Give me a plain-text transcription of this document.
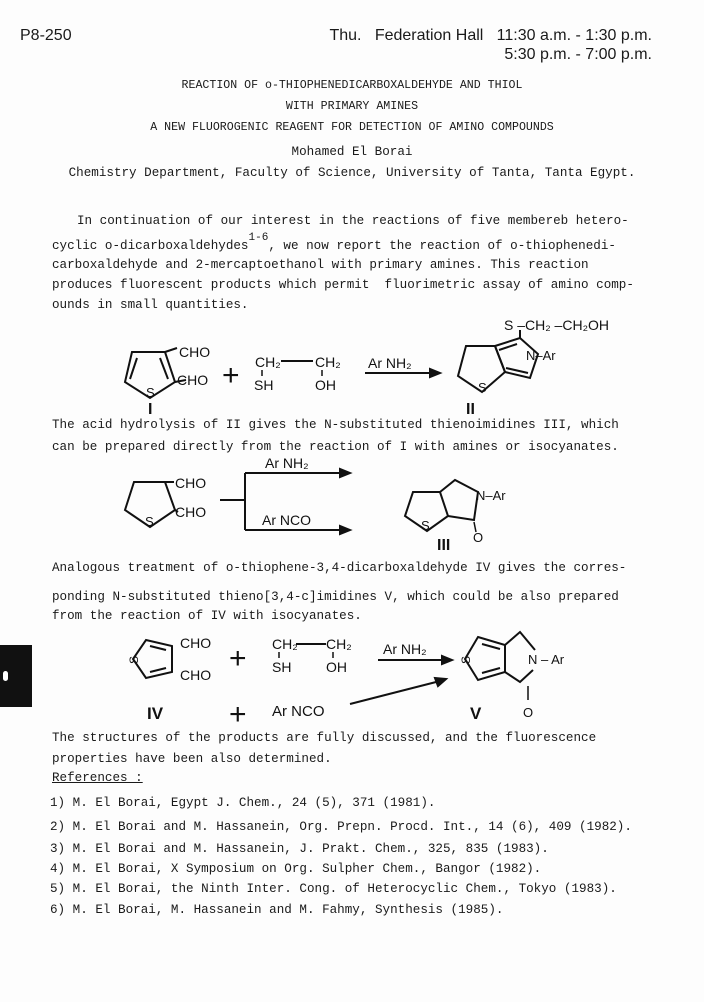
P8-250	Thu.   Federation Hall   11:30 a.m. - 1:30 p.m.
5:30 p.m. - 7:00 p.m.
REACTION OF o-THIOPHENEDICARBOXALDEHYDE AND THIOL
WITH PRIMARY AMINES
A NEW FLUOROGENIC REAGENT FOR DETECTION OF AMINO COMPOUNDS
Mohamed El Borai
Chemistry Department, Faculty of Science, University of Tanta, Tanta Egypt.
In continuation of our interest in the reactions of five membereb hetero-
cyclic o-dicarboxaldehydes$^{1-6}$, we now report the reaction of o-thiophenedi-
carboxaldehyde and 2-mercaptoethanol with primary amines. This reaction
produces fluorescent products which permit  fluorimetric assay of amino comp-
ounds in small quantities.
The acid hydrolysis of II gives the N-substituted thienoimidines III, which
can be prepared directly from the reaction of I with amines or isocyanates.
Analogous treatment of o-thiophene-3,4-dicarboxaldehyde IV gives the corres-
ponding N-substituted thieno[3,4-c]imidines V, which could be also prepared
from the reaction of IV with isocyanates.
The structures of the products are fully discussed, and the fluorescence
properties have been also determined.
References :
1) M. El Borai, Egypt J. Chem., 24 (5), 371 (1981).
2) M. El Borai and M. Hassanein, Org. Prepn. Procd. Int., 14 (6), 409 (1982).
3) M. El Borai and M. Hassanein, J. Prakt. Chem., 325, 835 (1983).
4) M. El Borai, X Symposium on Org. Sulpher Chem., Bangor (1982).
5) M. El Borai, the Ninth Inter. Cong. of Heterocyclic Chem., Tokyo (1983).
6) M. El Borai, M. Hassanein and M. Fahmy, Synthesis (1985).
S
CHO
CHO
I
+ CH₂ CH₂
SH	OH
Ar NH₂
S
S –CH₂ –CH₂OH
N–Ar
II
S
CHO
CHO
Ar NH₂
Ar NCO	S
N–Ar
O
III
S
CHO
CHO + CH₂ CH₂
SH OH
Ar NH₂
S	N – Ar
O
IV + Ar NCO	V
